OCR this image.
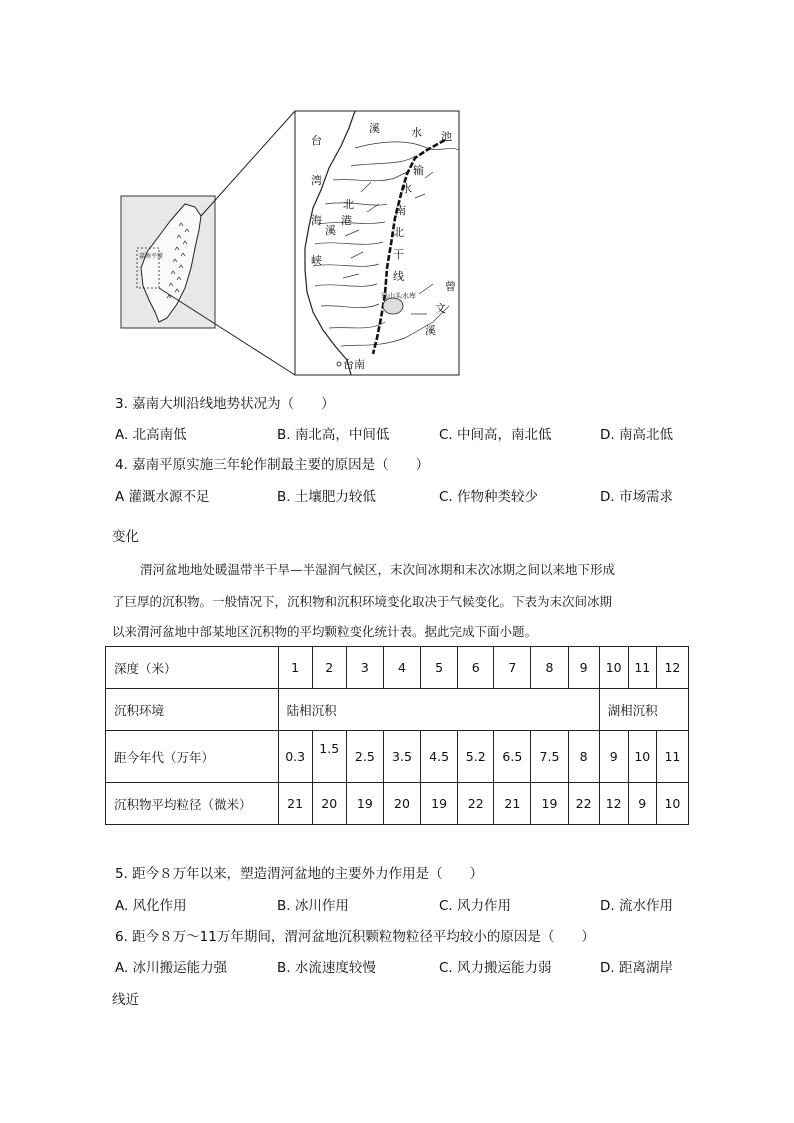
嘉南平原
台
湾
海
峡
溪	水 池
输
水
南
北
干
线
北
港
溪
曾
文
溪
乌山头水库
台南
3. 嘉南大圳沿线地势状况为（　　）
A. 北高南低	B. 南北高，中间低	C. 中间高，南北低	D. 南高北低
4. 嘉南平原实施三年轮作制最主要的原因是（　　）
A 灌溉水源不足	B. 土壤肥力较低	C. 作物种类较少	D. 市场需求
变化
渭河盆地地处暖温带半干旱—半湿润气候区，末次间冰期和末次冰期之间以来地下形成
了巨厚的沉积物。一般情况下，沉积物和沉积环境变化取决于气候变化。下表为末次间冰期
以来渭河盆地中部某地区沉积物的平均颗粒变化统计表。据此完成下面小题。
深度（米）	1	2	3	4	5	6	7	8	9	10	11	12
沉积环境	陆相沉积									湖相沉积		
距今年代（万年）	0.3	1.5	2.5	3.5	4.5	5.2	6.5	7.5	8	9	10	11
沉积物平均粒径（微米）	21	20	19	20	19	22	21	19	22	12	9	10
5. 距今８万年以来，塑造渭河盆地的主要外力作用是（　　）
A. 风化作用	B. 冰川作用	C. 风力作用	D. 流水作用
6. 距今８万～11万年期间，渭河盆地沉积颗粒物粒径平均较小的原因是（　　）
A. 冰川搬运能力强	B. 水流速度较慢	C. 风力搬运能力弱	D. 距离湖岸
线近
